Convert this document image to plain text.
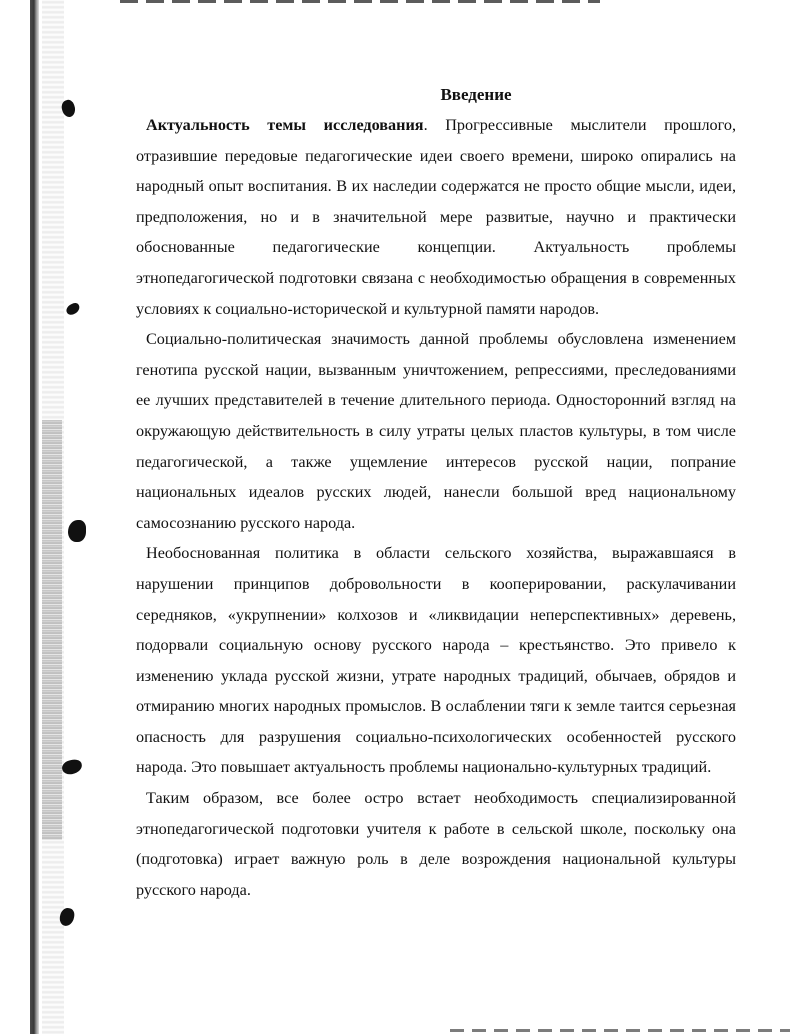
Введение

Актуальность темы исследования. Прогрессивные мыслители прошлого, отразившие передовые педагогические идеи своего времени, широко опирались на народный опыт воспитания. В их наследии содержатся не просто общие мысли, идеи, предположения, но и в значительной мере развитые, научно и практически обоснованные педагогические концепции. Актуальность проблемы этнопедагогической подготовки связана с необходимостью обращения в современных условиях к социально-исторической и культурной памяти народов.

Социально-политическая значимость данной проблемы обусловлена изменением генотипа русской нации, вызванным уничтожением, репрессиями, преследованиями ее лучших представителей в течение длительного периода. Односторонний взгляд на окружающую действительность в силу утраты целых пластов культуры, в том числе педагогической, а также ущемление интересов русской нации, попрание национальных идеалов русских людей, нанесли большой вред национальному самосознанию русского народа.

Необоснованная политика в области сельского хозяйства, выражавшаяся в нарушении принципов добровольности в кооперировании, раскулачивании середняков, «укрупнении» колхозов и «ликвидации неперспективных» деревень, подорвали социальную основу русского народа – крестьянство. Это привело к изменению уклада русской жизни, утрате народных традиций, обычаев, обрядов и отмиранию многих народных промыслов. В ослаблении тяги к земле таится серьезная опасность для разрушения социально-психологических особенностей русского народа. Это повышает актуальность проблемы национально-культурных традиций.

Таким образом, все более остро встает необходимость специализированной этнопедагогической подготовки учителя к работе в сельской школе, поскольку она (подготовка) играет важную роль в деле возрождения национальной культуры русского народа.
